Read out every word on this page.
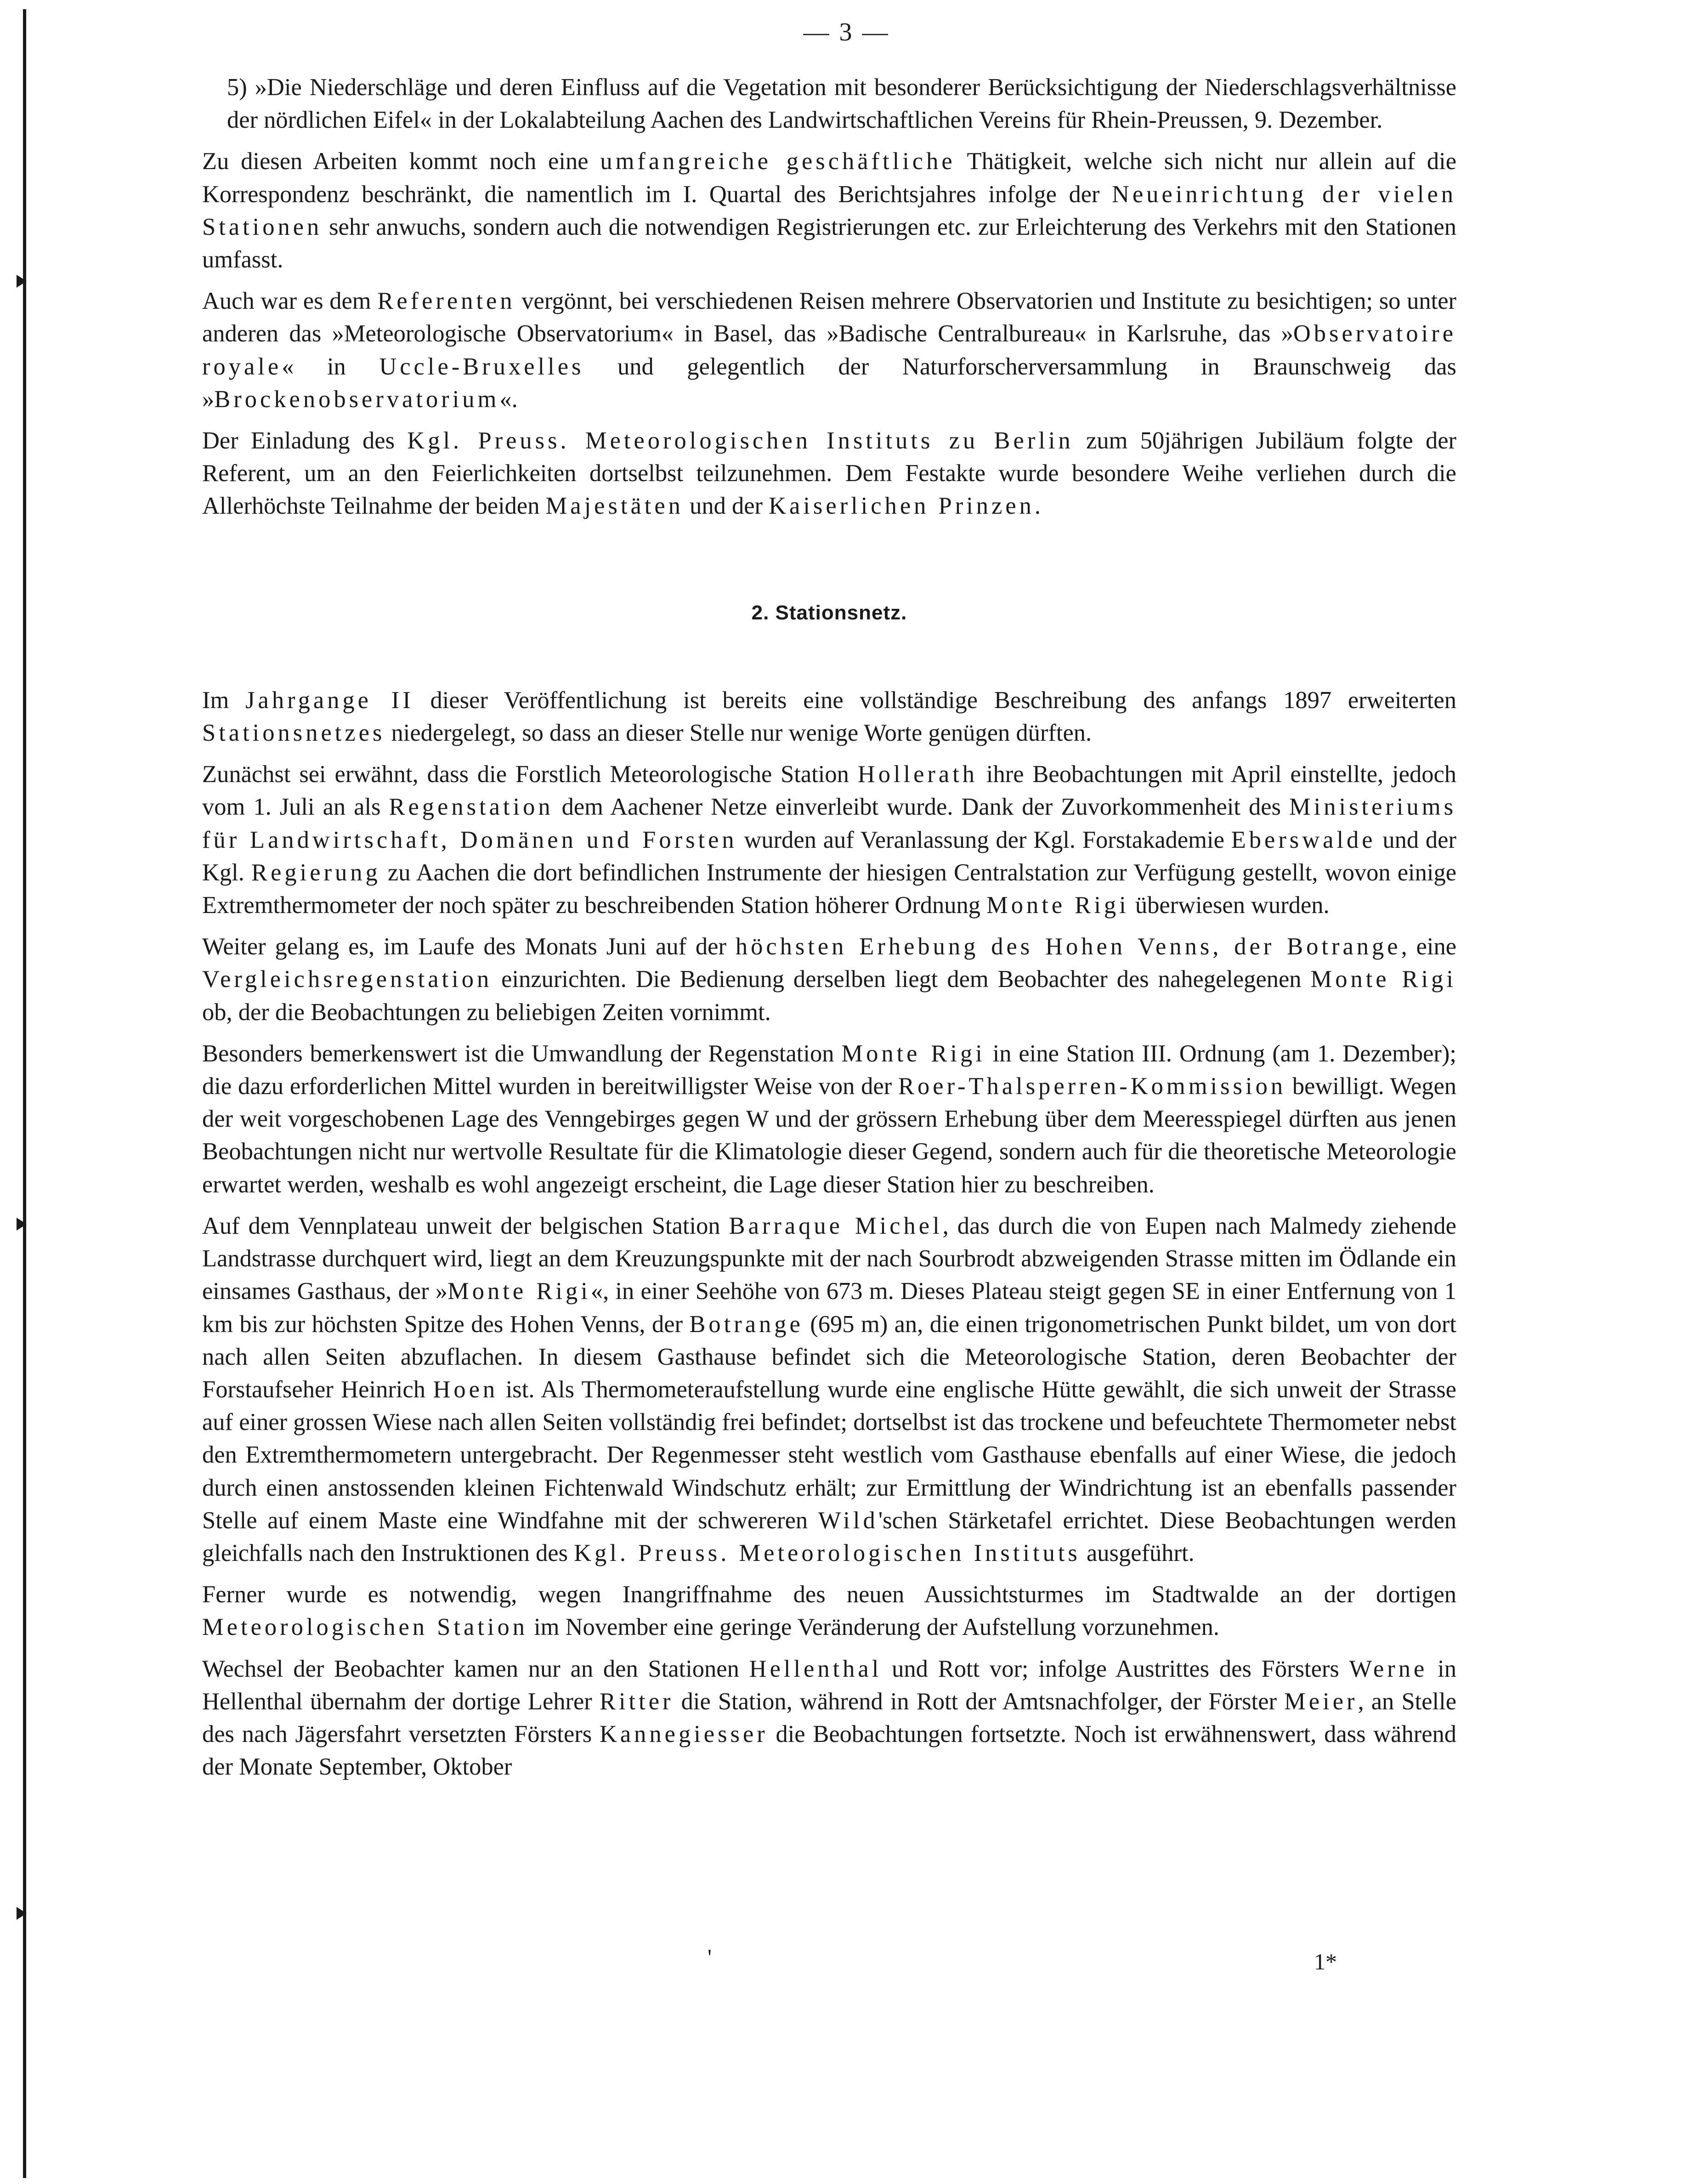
— 3 —

5) »Die Niederschläge und deren Einfluss auf die Vegetation mit besonderer Berücksichtigung der Niederschlagsverhältnisse der nördlichen Eifel« in der Lokalabteilung Aachen des Landwirtschaftlichen Vereins für Rhein-Preussen, 9. Dezember.

Zu diesen Arbeiten kommt noch eine umfangreiche geschäftliche Thätigkeit, welche sich nicht nur allein auf die Korrespondenz beschränkt, die namentlich im I. Quartal des Berichtsjahres infolge der Neueinrichtung der vielen Stationen sehr anwuchs, sondern auch die notwendigen Registrierungen etc. zur Erleichterung des Verkehrs mit den Stationen umfasst.

Auch war es dem Referenten vergönnt, bei verschiedenen Reisen mehrere Observatorien und Institute zu besichtigen; so unter anderen das »Meteorologische Observatorium« in Basel, das »Badische Centralbureau« in Karlsruhe, das »Observatoire royale« in Uccle-Bruxelles und gelegentlich der Naturforscherversammlung in Braunschweig das »Brockenobservatorium«.

Der Einladung des Kgl. Preuss. Meteorologischen Instituts zu Berlin zum 50jährigen Jubiläum folgte der Referent, um an den Feierlichkeiten dortselbst teilzunehmen. Dem Festakte wurde besondere Weihe verliehen durch die Allerhöchste Teilnahme der beiden Majestäten und der Kaiserlichen Prinzen.

2. Stationsnetz.

Im Jahrgange II dieser Veröffentlichung ist bereits eine vollständige Beschreibung des anfangs 1897 erweiterten Stationsnetzes niedergelegt, so dass an dieser Stelle nur wenige Worte genügen dürften.

Zunächst sei erwähnt, dass die Forstlich Meteorologische Station Hollerath ihre Beobachtungen mit April einstellte, jedoch vom 1. Juli an als Regenstation dem Aachener Netze einverleibt wurde. Dank der Zuvorkommenheit des Ministeriums für Landwirtschaft, Domänen und Forsten wurden auf Veranlassung der Kgl. Forstakademie Eberswalde und der Kgl. Regierung zu Aachen die dort befindlichen Instrumente der hiesigen Centralstation zur Verfügung gestellt, wovon einige Extremthermometer der noch später zu beschreibenden Station höherer Ordnung Monte Rigi überwiesen wurden.

Weiter gelang es, im Laufe des Monats Juni auf der höchsten Erhebung des Hohen Venns, der Botrange, eine Vergleichsregenstation einzurichten. Die Bedienung derselben liegt dem Beobachter des nahegelegenen Monte Rigi ob, der die Beobachtungen zu beliebigen Zeiten vornimmt.

Besonders bemerkenswert ist die Umwandlung der Regenstation Monte Rigi in eine Station III. Ordnung (am 1. Dezember); die dazu erforderlichen Mittel wurden in bereitwilligster Weise von der Roer-Thalsperren-Kommission bewilligt. Wegen der weit vorgeschobenen Lage des Venngebirges gegen W und der grössern Erhebung über dem Meeresspiegel dürften aus jenen Beobachtungen nicht nur wertvolle Resultate für die Klimatologie dieser Gegend, sondern auch für die theoretische Meteorologie erwartet werden, weshalb es wohl angezeigt erscheint, die Lage dieser Station hier zu beschreiben.

Auf dem Vennplateau unweit der belgischen Station Barraque Michel, das durch die von Eupen nach Malmedy ziehende Landstrasse durchquert wird, liegt an dem Kreuzungspunkte mit der nach Sourbrodt abzweigenden Strasse mitten im Ödlande ein einsames Gasthaus, der »Monte Rigi«, in einer Seehöhe von 673 m. Dieses Plateau steigt gegen SE in einer Entfernung von 1 km bis zur höchsten Spitze des Hohen Venns, der Botrange (695 m) an, die einen trigonometrischen Punkt bildet, um von dort nach allen Seiten abzuflachen. In diesem Gasthause befindet sich die Meteorologische Station, deren Beobachter der Forstaufseher Heinrich Hoen ist. Als Thermometeraufstellung wurde eine englische Hütte gewählt, die sich unweit der Strasse auf einer grossen Wiese nach allen Seiten vollständig frei befindet; dortselbst ist das trockene und befeuchtete Thermometer nebst den Extremthermometern untergebracht. Der Regenmesser steht westlich vom Gasthause ebenfalls auf einer Wiese, die jedoch durch einen anstossenden kleinen Fichtenwald Windschutz erhält; zur Ermittlung der Windrichtung ist an ebenfalls passender Stelle auf einem Maste eine Windfahne mit der schwereren Wild'schen Stärketafel errichtet. Diese Beobachtungen werden gleichfalls nach den Instruktionen des Kgl. Preuss. Meteorologischen Instituts ausgeführt.

Ferner wurde es notwendig, wegen Inangriffnahme des neuen Aussichtsturmes im Stadtwalde an der dortigen Meteorologischen Station im November eine geringe Veränderung der Aufstellung vorzunehmen.

Wechsel der Beobachter kamen nur an den Stationen Hellenthal und Rott vor; infolge Austrittes des Försters Werne in Hellenthal übernahm der dortige Lehrer Ritter die Station, während in Rott der Amtsnachfolger, der Förster Meier, an Stelle des nach Jägersfahrt versetzten Försters Kannegiesser die Beobachtungen fortsetzte. Noch ist erwähnenswert, dass während der Monate September, Oktober

'	1*
